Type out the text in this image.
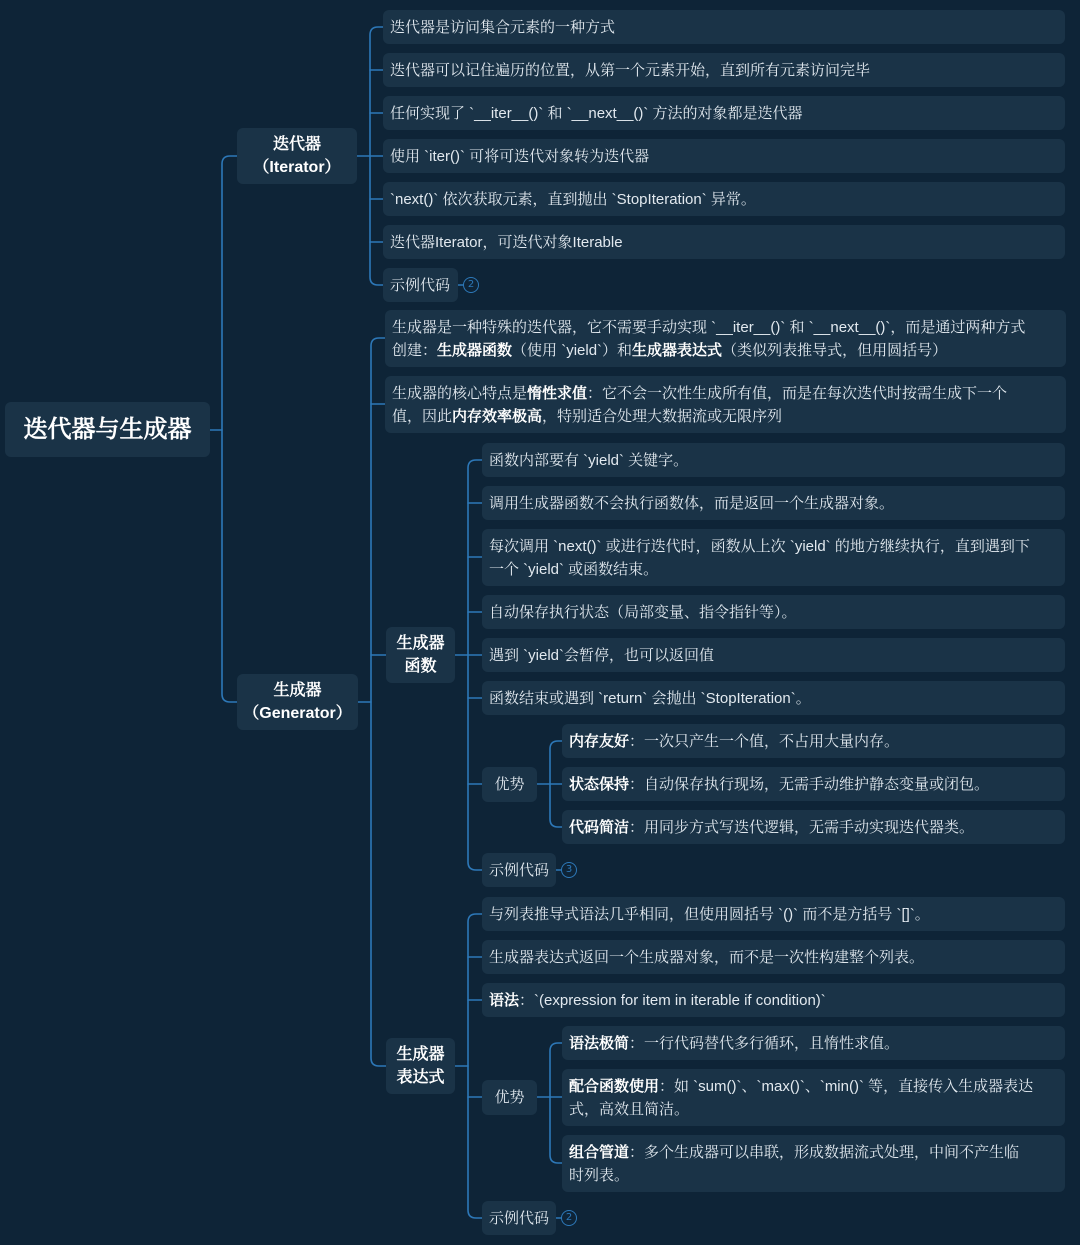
迭代器与生成器
迭代器
（Iterator）
迭代器是访问集合元素的一种方式
迭代器可以记住遍历的位置，从第一个元素开始，直到所有元素访问完毕
任何实现了 `__iter__()` 和 `__next__()` 方法的对象都是迭代器
使用 `iter()` 可将可迭代对象转为迭代器
`next()` 依次获取元素，直到抛出 `StopIteration` 异常。
迭代器Iterator，可迭代对象Iterable
示例代码	2
生成器
（Generator）
生成器是一种特殊的迭代器，它不需要手动实现 `__iter__()` 和 `__next__()`，而是通过两种方式
创建：生成器函数（使用 `yield`）和生成器表达式（类似列表推导式，但用圆括号）
生成器的核心特点是惰性求值：它不会一次性生成所有值，而是在每次迭代时按需生成下一个
值，因此内存效率极高，特别适合处理大数据流或无限序列
生成器
函数
函数内部要有 `yield` 关键字。
调用生成器函数不会执行函数体，而是返回一个生成器对象。
每次调用 `next()` 或进行迭代时，函数从上次 `yield` 的地方继续执行，直到遇到下
一个 `yield` 或函数结束。
自动保存执行状态（局部变量、指令指针等）。
遇到 `yield`会暂停，也可以返回值
函数结束或遇到 `return` 会抛出 `StopIteration`。
优势
内存友好：一次只产生一个值，不占用大量内存。
状态保持：自动保存执行现场，无需手动维护静态变量或闭包。
代码简洁：用同步方式写迭代逻辑，无需手动实现迭代器类。
示例代码	3
生成器
表达式
与列表推导式语法几乎相同，但使用圆括号 `()` 而不是方括号 `[]`。
生成器表达式返回一个生成器对象，而不是一次性构建整个列表。
语法：`(expression for item in iterable if condition)`
优势
语法极简：一行代码替代多行循环，且惰性求值。
配合函数使用：如 `sum()`、`max()`、`min()` 等，直接传入生成器表达
式，高效且简洁。
组合管道：多个生成器可以串联，形成数据流式处理，中间不产生临
时列表。
示例代码	2
